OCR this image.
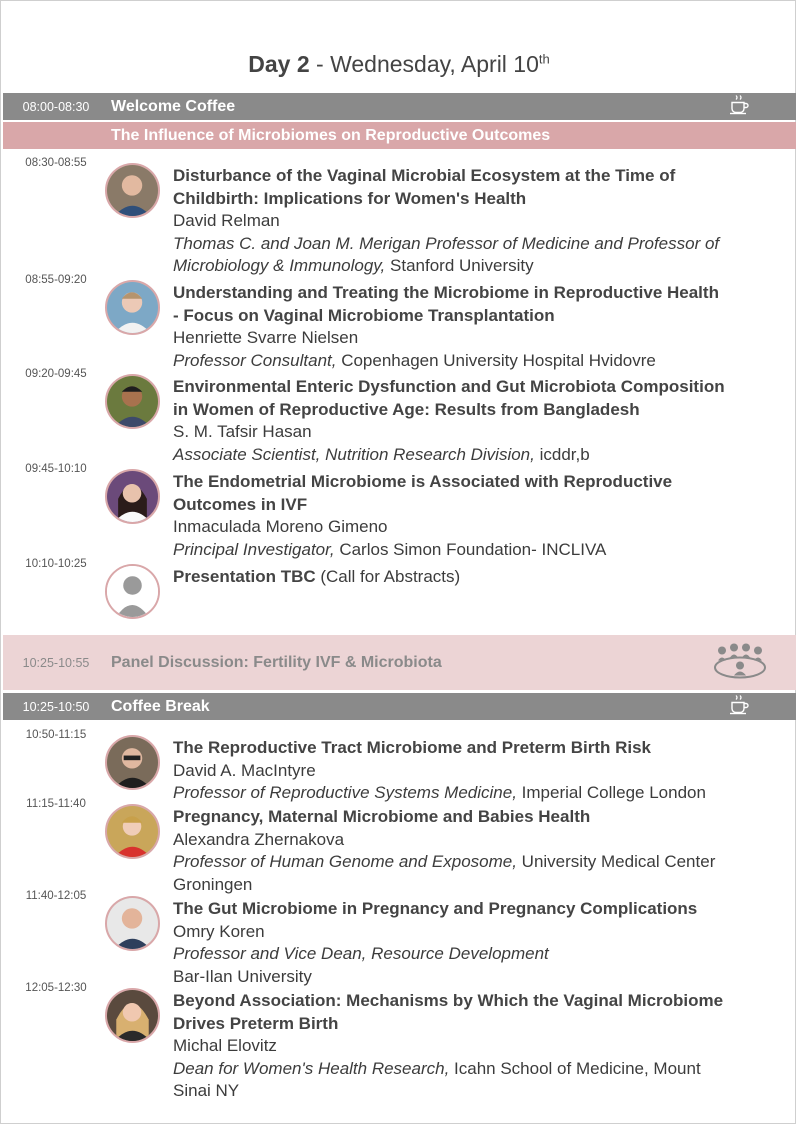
Day 2 - Wednesday, April 10th
08:00-08:30	Welcome Coffee
The Influence of Microbiomes on Reproductive Outcomes
08:30-08:55
Disturbance of the Vaginal Microbial Ecosystem at the Time of
Childbirth: Implications for Women's Health
David Relman
Thomas C. and Joan M. Merigan Professor of Medicine and Professor of
Microbiology & Immunology, Stanford University
08:55-09:20
Understanding and Treating the Microbiome in Reproductive Health
- Focus on Vaginal Microbiome Transplantation
Henriette Svarre Nielsen
Professor Consultant, Copenhagen University Hospital Hvidovre
09:20-09:45
Environmental Enteric Dysfunction and Gut Microbiota Composition
in Women of Reproductive Age: Results from Bangladesh
S. M. Tafsir Hasan
Associate Scientist, Nutrition Research Division, icddr,b
09:45-10:10
The Endometrial Microbiome is Associated with Reproductive
Outcomes in IVF
Inmaculada Moreno Gimeno
Principal Investigator, Carlos Simon Foundation- INCLIVA
10:10-10:25
Presentation TBC (Call for Abstracts)
10:25-10:55	Panel Discussion: Fertility IVF & Microbiota
10:25-10:50	Coffee Break
10:50-11:15
The Reproductive Tract Microbiome and Preterm Birth Risk
David A. MacIntyre
Professor of Reproductive Systems Medicine, Imperial College London
11:15-11:40
Pregnancy, Maternal Microbiome and Babies Health
Alexandra Zhernakova
Professor of Human Genome and Exposome, University Medical Center
Groningen
11:40-12:05
The Gut Microbiome in Pregnancy and Pregnancy Complications
Omry Koren
Professor and Vice Dean, Resource Development
Bar-Ilan University
12:05-12:30
Beyond Association: Mechanisms by Which the Vaginal Microbiome
Drives Preterm Birth
Michal Elovitz
Dean for Women's Health Research, Icahn School of Medicine, Mount
Sinai NY
